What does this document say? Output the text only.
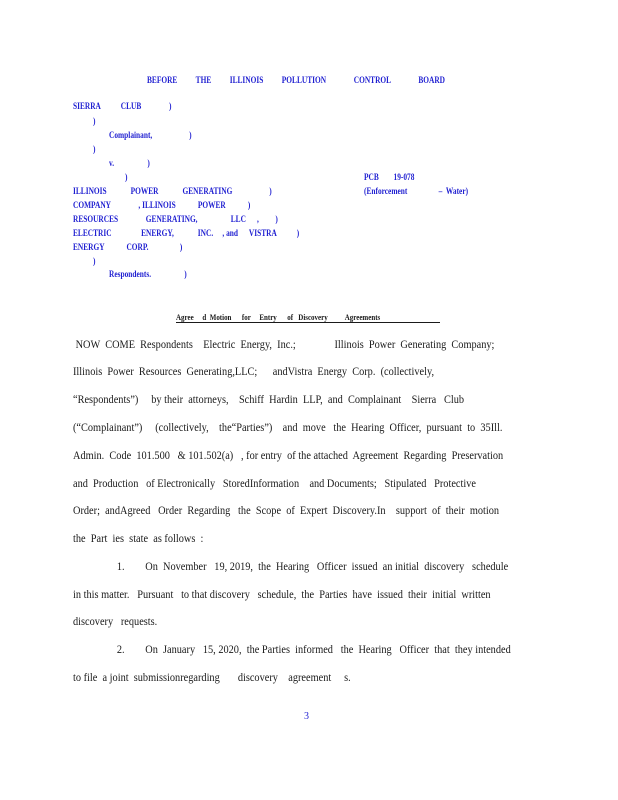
BEFORE          THE          ILLINOIS          POLLUTION               CONTROL               BOARD
SIERRA           CLUB               )
)
Complainant,                    )
)
v.                  )
)	PCB        19-078
ILLINOIS             POWER             GENERATING                    )	(Enforcement                 –  Water)
COMPANY               , ILLINOIS            POWER            )
RESOURCES               GENERATING,                  LLC      ,         )
ELECTRIC                ENERGY,             INC.     , and      VISTRA           )
ENERGY            CORP.                 )
)
Respondents.                  )
Agree     d  Motion      for     Entry      of   Discovery          Agreements
NOW  COME  Respondents    Electric  Energy,  Inc.;               Illinois  Power  Generating  Company;
Illinois  Power  Resources  Generating,LLC;      andVistra  Energy  Corp.  (collectively,
“Respondents”)     by their  attorneys,    Schiff  Hardin  LLP,  and  Complainant    Sierra   Club
(“Complainant”)     (collectively,    the“Parties”)    and  move   the  Hearing  Officer,  pursuant  to  35Ill.
Admin.  Code  101.500   & 101.502(a)   , for entry  of the attached  Agreement  Regarding  Preservation
and  Production   of Electronically   StoredInformation    and Documents;   Stipulated   Protective
Order;  andAgreed   Order  Regarding   the  Scope  of  Expert  Discovery.In    support  of  their  motion
the  Part  ies  state  as follows  :
1.        On  November   19, 2019,  the  Hearing   Officer  issued  an initial  discovery   schedule
in this matter.   Pursuant   to that discovery   schedule,  the  Parties  have  issued  their  initial  written
discovery   requests.
2.        On  January   15, 2020,  the Parties  informed   the  Hearing   Officer  that  they intended
to file  a joint  submissionregarding       discovery    agreement     s.
3
